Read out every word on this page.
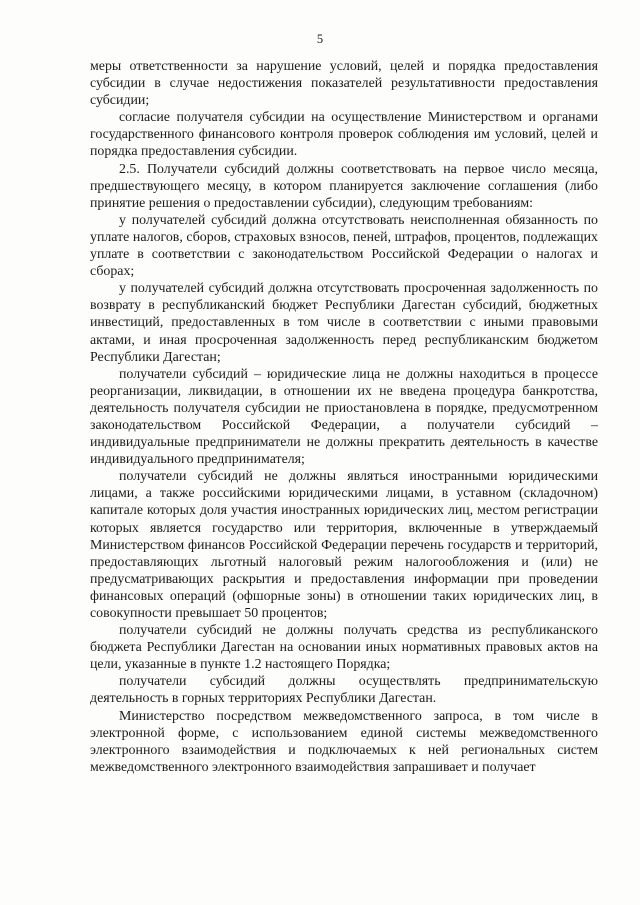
5

меры ответственности за нарушение условий, целей и порядка предоставления субсидии в случае недостижения показателей результативности предоставления субсидии;

согласие получателя субсидии на осуществление Министерством и органами государственного финансового контроля проверок соблюдения им условий, целей и порядка предоставления субсидии.

2.5. Получатели субсидий должны соответствовать на первое число месяца, предшествующего месяцу, в котором планируется заключение соглашения (либо принятие решения о предоставлении субсидии), следующим требованиям:

у получателей субсидий должна отсутствовать неисполненная обязанность по уплате налогов, сборов, страховых взносов, пеней, штрафов, процентов, подлежащих уплате в соответствии с законодательством Российской Федерации о налогах и сборах;

у получателей субсидий должна отсутствовать просроченная задолженность по возврату в республиканский бюджет Республики Дагестан субсидий, бюджетных инвестиций, предоставленных в том числе в соответствии с иными правовыми актами, и иная просроченная задолженность перед республиканским бюджетом Республики Дагестан;

получатели субсидий – юридические лица не должны находиться в процессе реорганизации, ликвидации, в отношении их не введена процедура банкротства, деятельность получателя субсидии не приостановлена в порядке, предусмотренном законодательством Российской Федерации, а получатели субсидий – индивидуальные предприниматели не должны прекратить деятельность в качестве индивидуального предпринимателя;

получатели субсидий не должны являться иностранными юридическими лицами, а также российскими юридическими лицами, в уставном (складочном) капитале которых доля участия иностранных юридических лиц, местом регистрации которых является государство или территория, включенные в утверждаемый Министерством финансов Российской Федерации перечень государств и территорий, предоставляющих льготный налоговый режим налогообложения и (или) не предусматривающих раскрытия и предоставления информации при проведении финансовых операций (офшорные зоны) в отношении таких юридических лиц, в совокупности превышает 50 процентов;

получатели субсидий не должны получать средства из республиканского бюджета Республики Дагестан на основании иных нормативных правовых актов на цели, указанные в пункте 1.2 настоящего Порядка;

получатели субсидий должны осуществлять предпринимательскую деятельность в горных территориях Республики Дагестан.

Министерство посредством межведомственного запроса, в том числе в электронной форме, с использованием единой системы межведомственного электронного взаимодействия и подключаемых к ней региональных систем межведомственного электронного взаимодействия запрашивает и получает
